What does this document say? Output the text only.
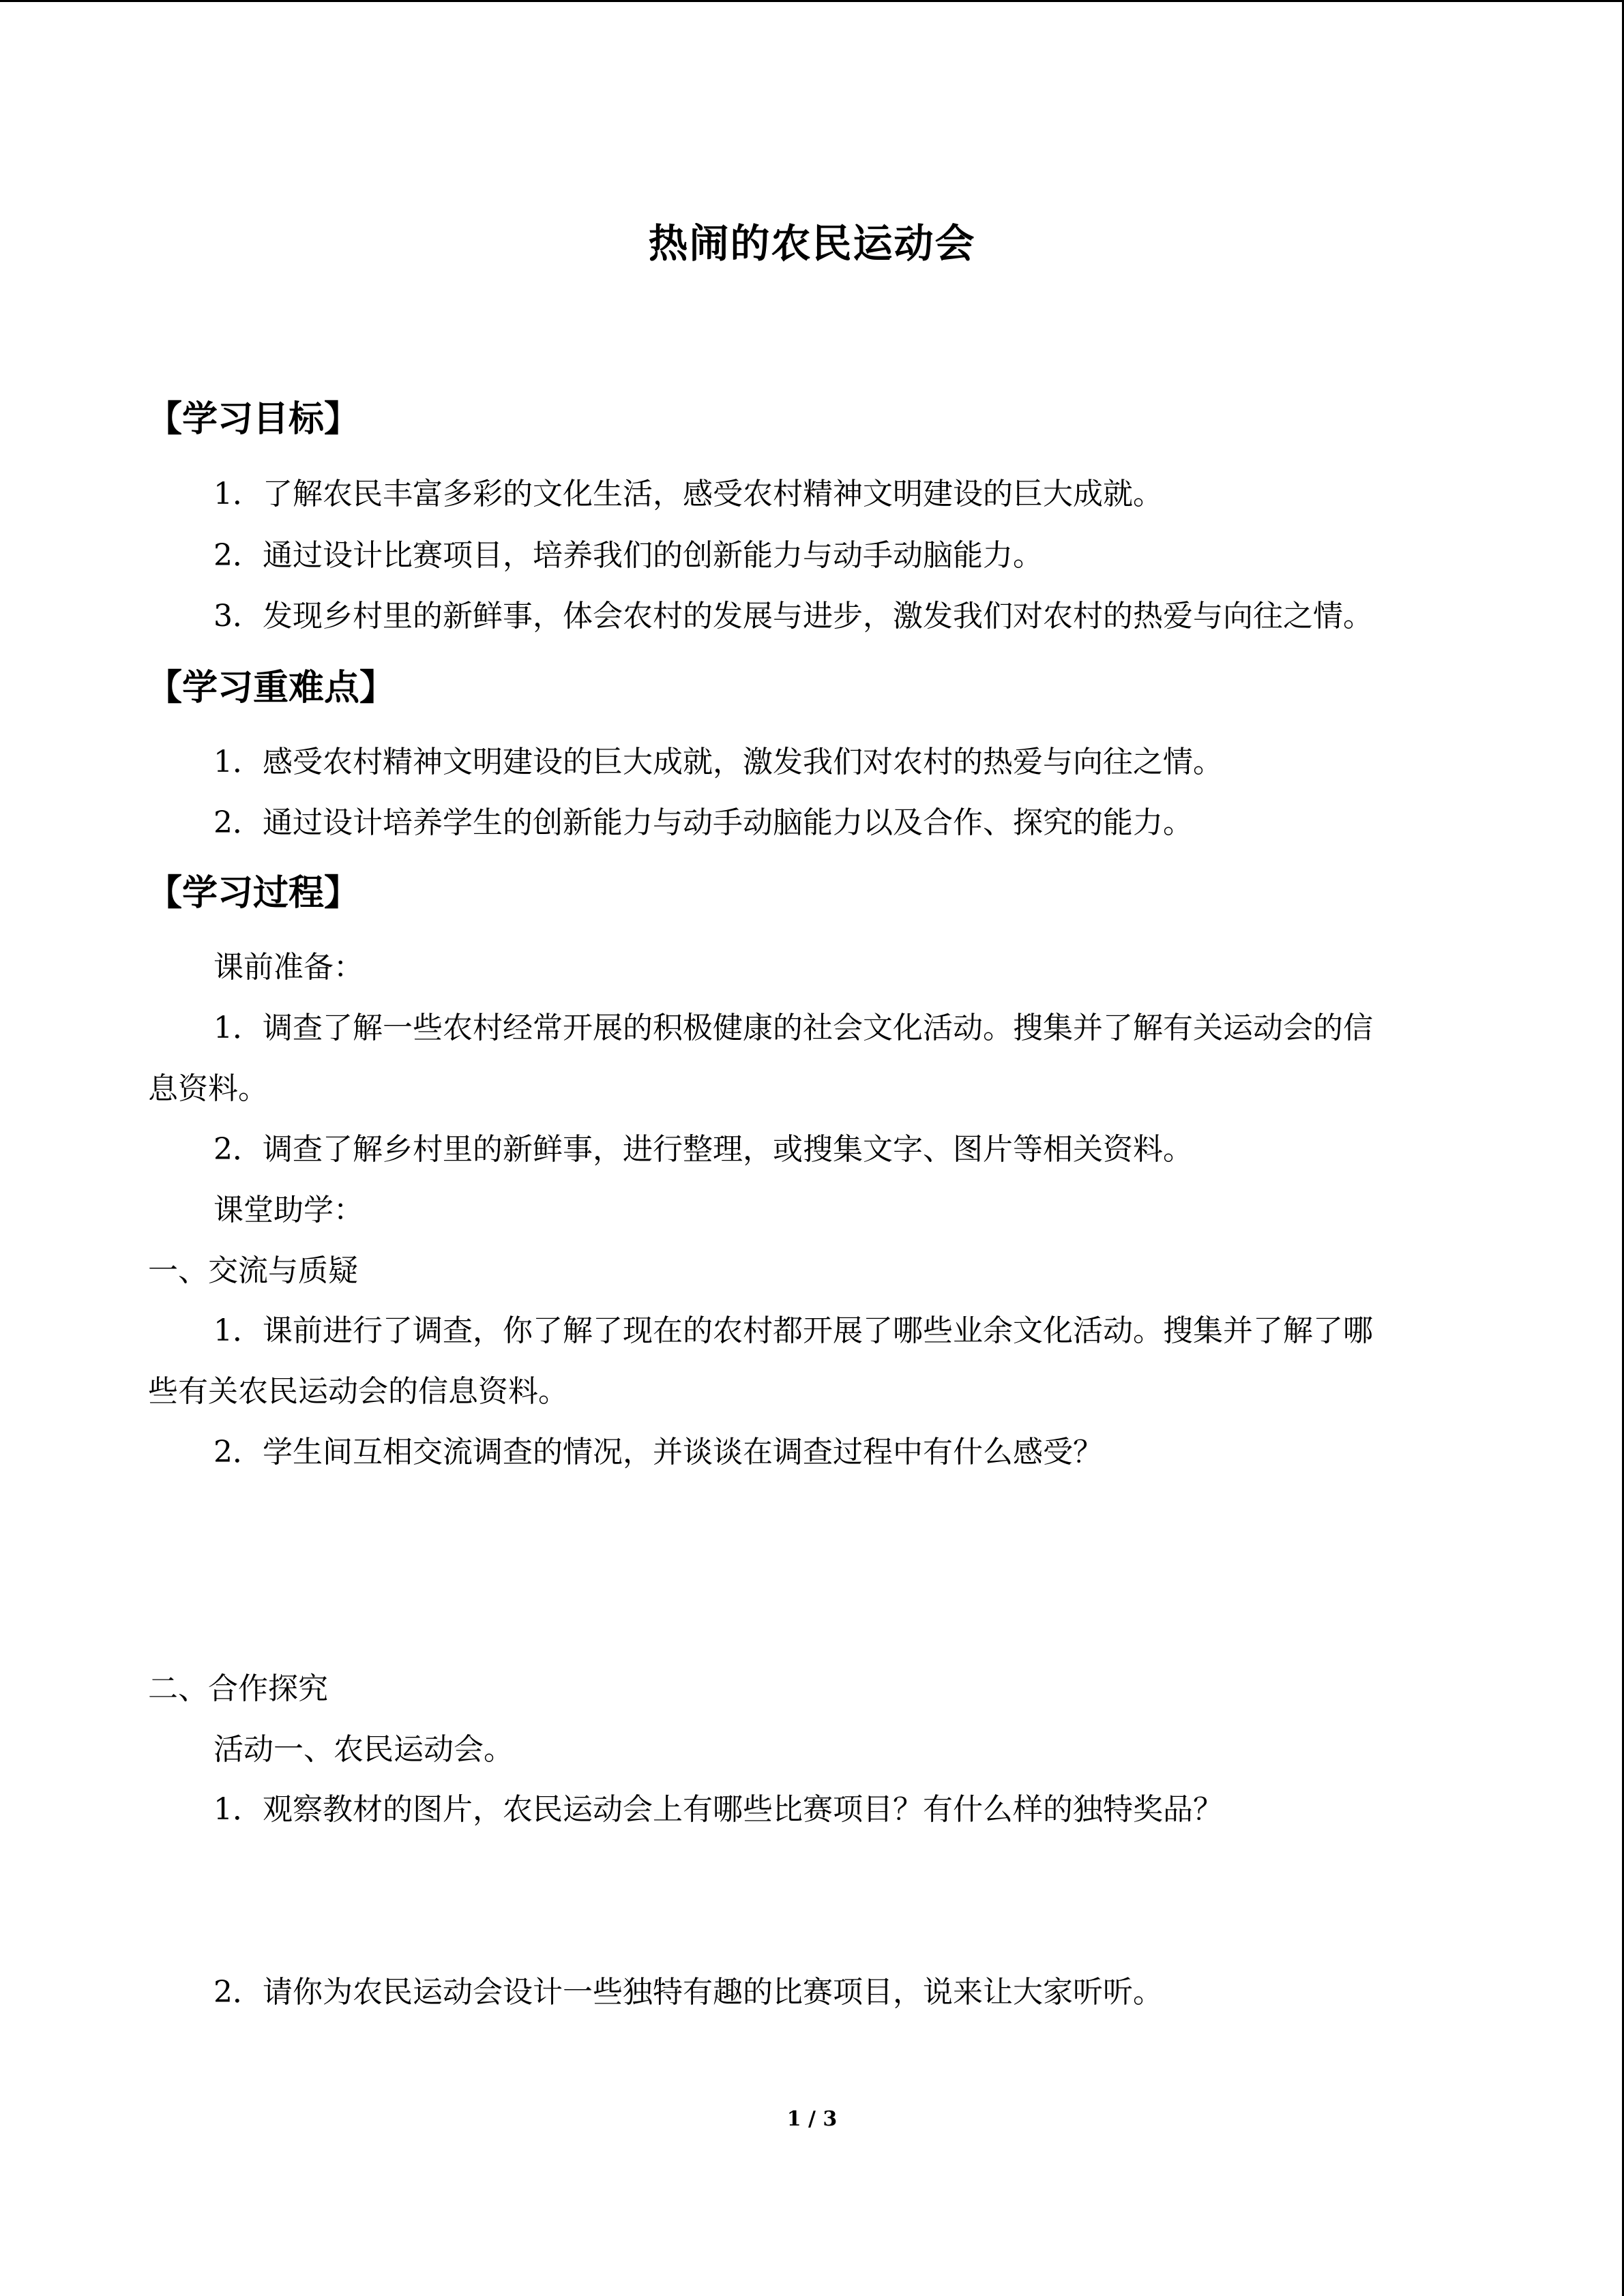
热闹的农民运动会
【学习目标】
1．了解农民丰富多彩的文化生活，感受农村精神文明建设的巨大成就。
2．通过设计比赛项目，培养我们的创新能力与动手动脑能力。
3．发现乡村里的新鲜事，体会农村的发展与进步，激发我们对农村的热爱与向往之情。
【学习重难点】
1．感受农村精神文明建设的巨大成就，激发我们对农村的热爱与向往之情。
2．通过设计培养学生的创新能力与动手动脑能力以及合作、探究的能力。
【学习过程】
课前准备：
1．调查了解一些农村经常开展的积极健康的社会文化活动。搜集并了解有关运动会的信
息资料。
2．调查了解乡村里的新鲜事，进行整理，或搜集文字、图片等相关资料。
课堂助学：
一、交流与质疑
1．课前进行了调查，你了解了现在的农村都开展了哪些业余文化活动。搜集并了解了哪
些有关农民运动会的信息资料。
2．学生间互相交流调查的情况，并谈谈在调查过程中有什么感受？
二、合作探究
活动一、农民运动会。
1．观察教材的图片，农民运动会上有哪些比赛项目？有什么样的独特奖品？
2．请你为农民运动会设计一些独特有趣的比赛项目，说来让大家听听。
1 / 3
